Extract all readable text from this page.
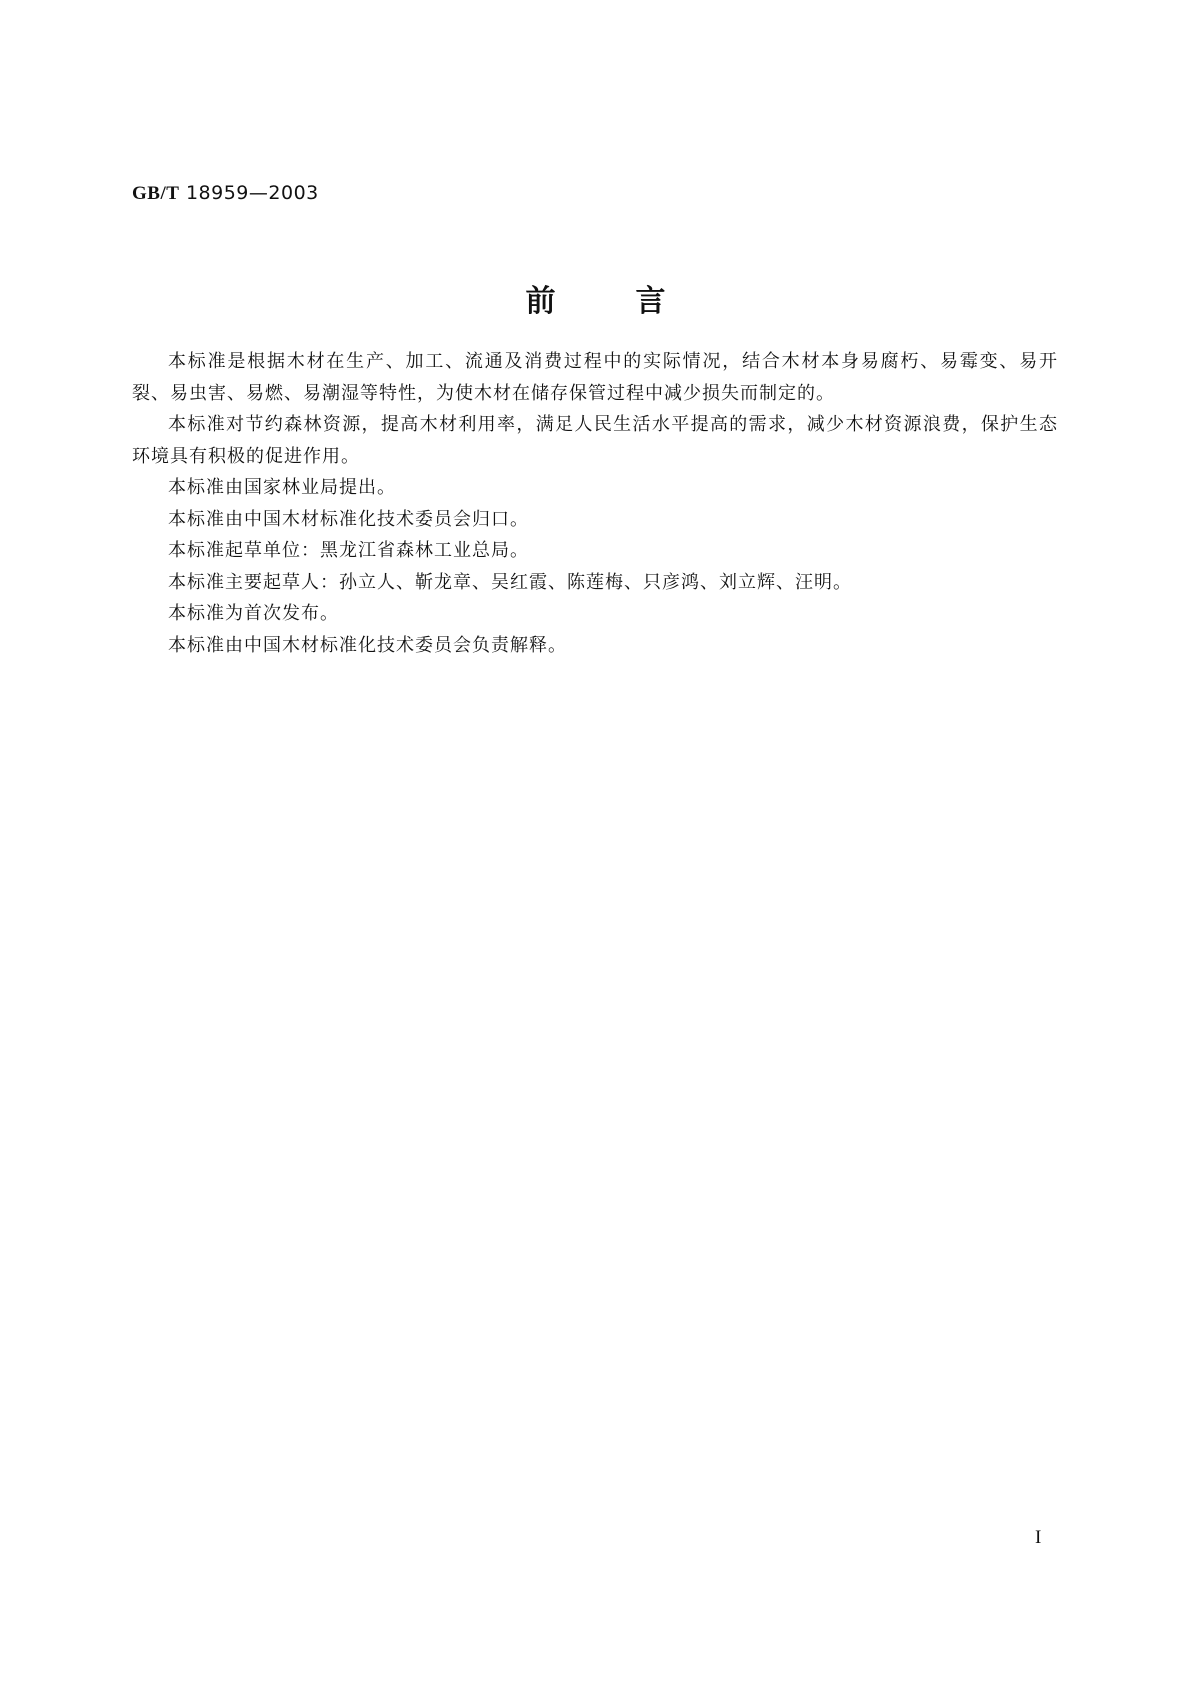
GB/T 18959—2003
前言

本标准是根据木材在生产、加工、流通及消费过程中的实际情况，结合木材本身易腐朽、易霉变、易开裂、易虫害、易燃、易潮湿等特性，为使木材在储存保管过程中减少损失而制定的。

本标准对节约森林资源，提高木材利用率，满足人民生活水平提高的需求，减少木材资源浪费，保护生态环境具有积极的促进作用。

本标准由国家林业局提出。

本标准由中国木材标准化技术委员会归口。

本标准起草单位：黑龙江省森林工业总局。

本标准主要起草人：孙立人、靳龙章、吴红霞、陈莲梅、只彦鸿、刘立辉、汪明。

本标准为首次发布。

本标准由中国木材标准化技术委员会负责解释。

I
